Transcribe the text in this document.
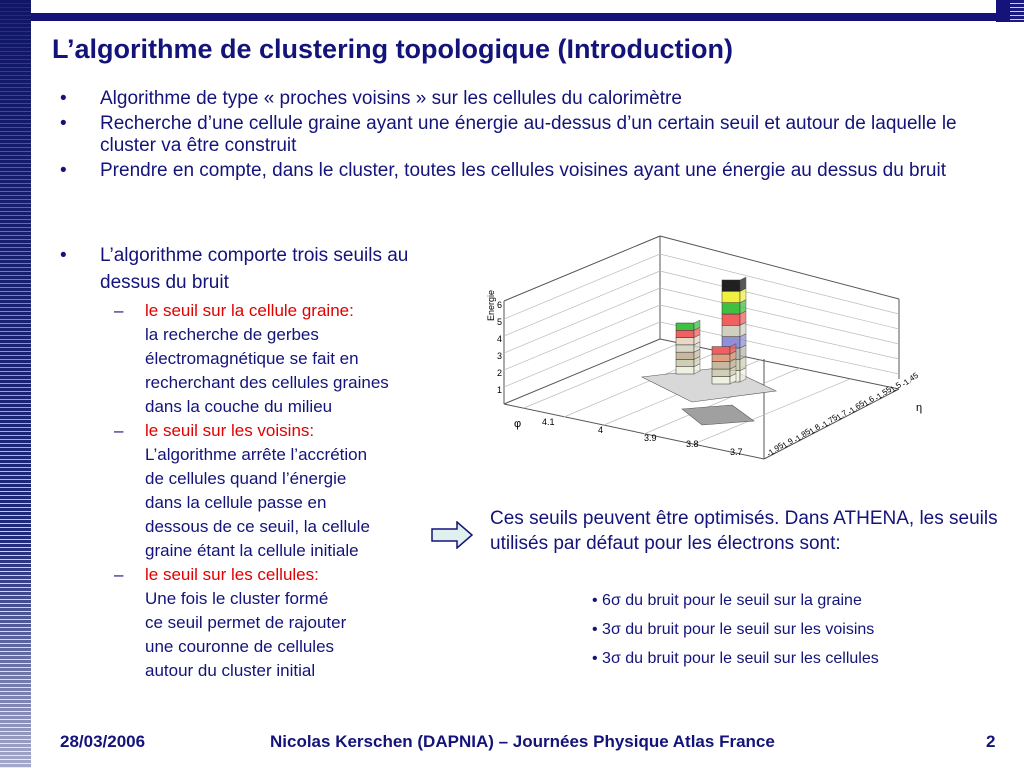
L’algorithme de clustering topologique (Introduction)
• Algorithme de type « proches voisins » sur les cellules du calorimètre
• Recherche d’une cellule graine ayant une énergie au-dessus d’un certain seuil et autour de laquelle le cluster va être construit
• Prendre en compte, dans le cluster, toutes les cellules voisines ayant une énergie au dessus du bruit
• L’algorithme comporte trois seuils au dessus du bruit
– le seuil sur la cellule graine:
la recherche de gerbes
électromagnétique se fait en
recherchant des cellules graines
dans la couche du milieu
– le seuil sur les voisins:
L’algorithme arrête l’accrétion
de cellules quand l’énergie
dans la cellule passe en
dessous de ce seuil, la cellule
graine étant la cellule initiale
– le seuil sur les cellules:
Une fois le cluster formé
ce seuil permet de rajouter
une couronne de cellules
autour du cluster initial
Energie
1
2
3
4
5
6
φ 4.1
4
3.9
3.8
3.7
η
-1.45
-1.5
-1.55
-1.6
-1.65
-1.7
-1.75
-1.8
-1.85
-1.9
-1.95
Ces seuils peuvent être optimisés. Dans ATHENA, les seuils utilisés par défaut pour les électrons sont:
• 6σ du bruit pour le seuil sur la graine
• 3σ du bruit pour le seuil sur les voisins
• 3σ du bruit pour le seuil sur les cellules
28/03/2006	Nicolas Kerschen (DAPNIA) – Journées Physique Atlas France	2
